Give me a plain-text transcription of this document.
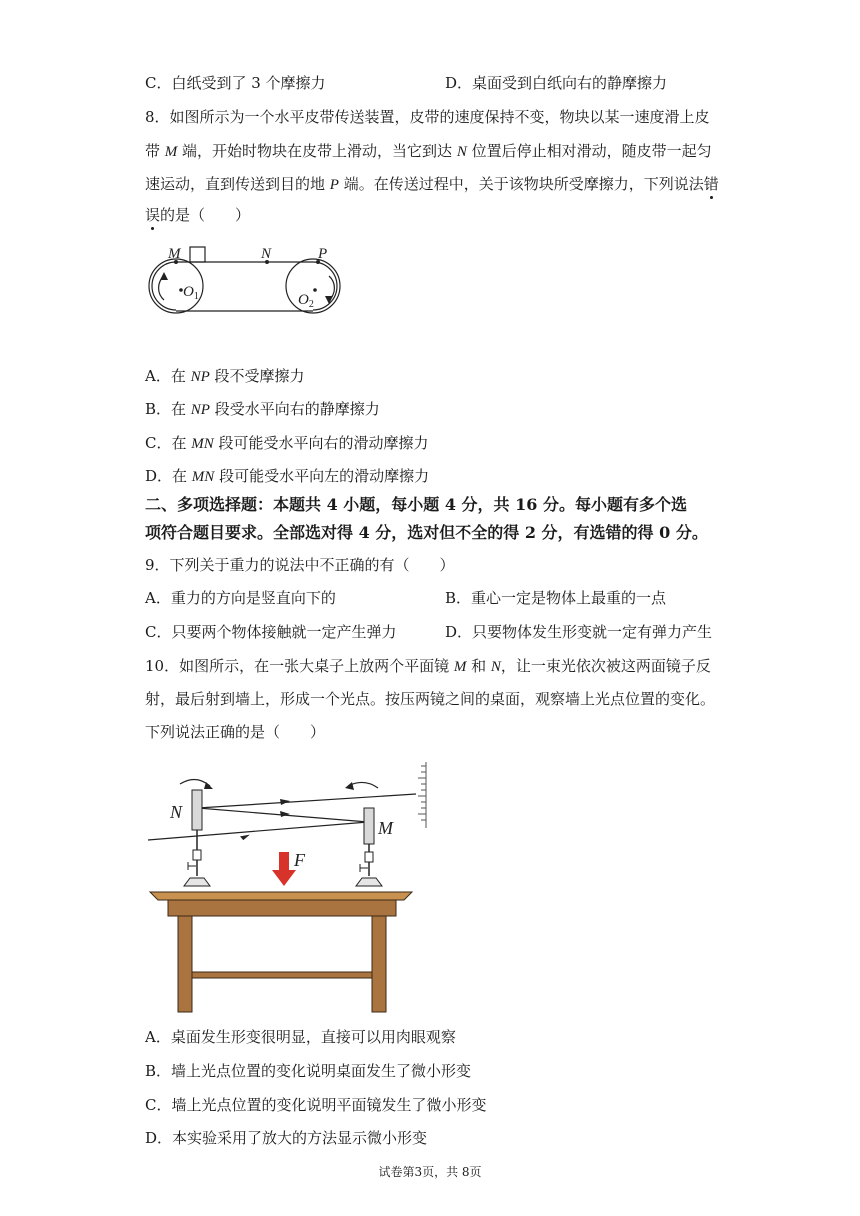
C．白纸受到了 3 个摩擦力	D．桌面受到白纸向右的静摩擦力
8．如图所示为一个水平皮带传送装置，皮带的速度保持不变，物块以某一速度滑上皮
带 M 端，开始时物块在皮带上滑动，当它到达 N 位置后停止相对滑动，随皮带一起匀
速运动，直到传送到目的地 P 端。在传送过程中，关于该物块所受摩擦力，下列说法错
误的是（　　）
M	N	P
$O_1$	$O_2$
A．在 NP 段不受摩擦力
B．在 NP 段受水平向右的静摩擦力
C．在 MN 段可能受水平向右的滑动摩擦力
D．在 MN 段可能受水平向左的滑动摩擦力
二、多项选择题：本题共 4 小题，每小题 4 分，共 16 分。每小题有多个选
项符合题目要求。全部选对得 4 分，选对但不全的得 2 分，有选错的得 0 分。
9．下列关于重力的说法中不正确的有（　　）
A．重力的方向是竖直向下的	B．重心一定是物体上最重的一点
C．只要两个物体接触就一定产生弹力	D．只要物体发生形变就一定有弹力产生
10．如图所示，在一张大桌子上放两个平面镜 M 和 N，让一束光依次被这两面镜子反
射，最后射到墙上，形成一个光点。按压两镜之间的桌面，观察墙上光点位置的变化。
下列说法正确的是（　　）
N
M
F
A．桌面发生形变很明显，直接可以用肉眼观察
B．墙上光点位置的变化说明桌面发生了微小形变
C．墙上光点位置的变化说明平面镜发生了微小形变
D．本实验采用了放大的方法显示微小形变
试卷第3页，共 8页
